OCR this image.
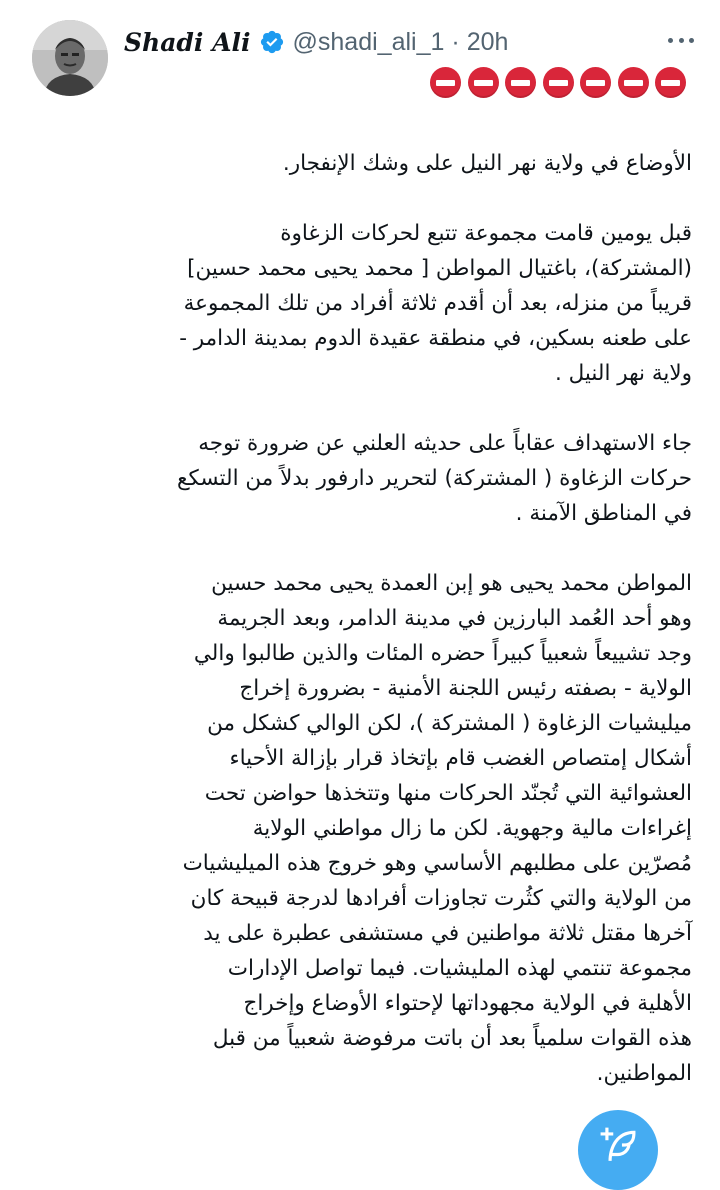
Shadi Ali @shadi_ali_1 · 20h
الأوضاع في ولاية نهر النيل على وشك الإنفجار.
قبل يومين قامت مجموعة تتبع لحركات الزغاوة
(المشتركة)، باغتيال المواطن [ محمد يحيى محمد حسين]
قريباً من منزله، بعد أن أقدم ثلاثة أفراد من تلك المجموعة
على طعنه بسكين، في منطقة عقيدة الدوم بمدينة الدامر -
ولاية نهر النيل .
جاء الاستهداف عقاباً على حديثه العلني عن ضرورة توجه
حركات الزغاوة ( المشتركة) لتحرير دارفور بدلاً من التسكع
في المناطق الآمنة .
المواطن محمد يحيى هو إبن العمدة يحيى محمد حسين
وهو أحد العُمد البارزين في مدينة الدامر، وبعد الجريمة
وجد تشييعاً شعبياً كبيراً حضره المئات والذين طالبوا والي
الولاية - بصفته رئيس اللجنة الأمنية - بضرورة إخراج
ميليشيات الزغاوة ( المشتركة )، لكن الوالي كشكل من
أشكال إمتصاص الغضب قام بإتخاذ قرار بإزالة الأحياء
العشوائية التي تُجنّد الحركات منها وتتخذها حواضن تحت
إغراءات مالية وجهوية. لكن ما زال مواطني الولاية
مُصرّين على مطلبهم الأساسي وهو خروج هذه الميليشيات
من الولاية والتي كثُرت تجاوزات أفرادها لدرجة قبيحة كان
آخرها مقتل ثلاثة مواطنين في مستشفى عطبرة على يد
مجموعة تنتمي لهذه المليشيات. فيما تواصل الإدارات
الأهلية في الولاية مجهوداتها لإحتواء الأوضاع وإخراج
هذه القوات سلمياً بعد أن باتت مرفوضة شعبياً من قبل
المواطنين.
